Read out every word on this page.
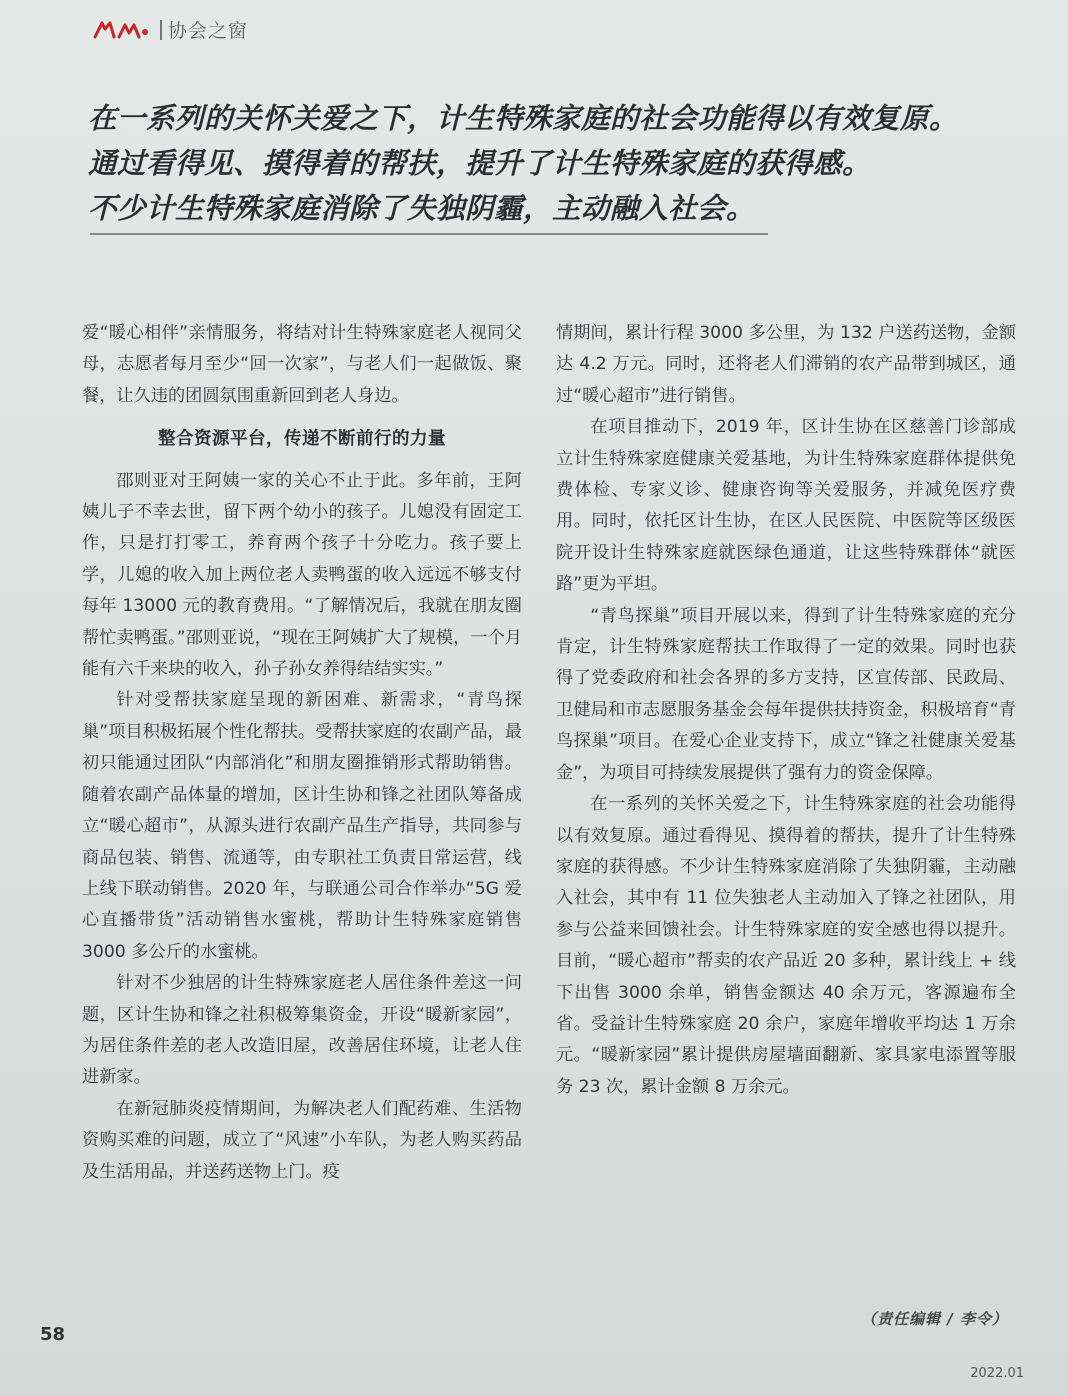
协会之窗
在一系列的关怀关爱之下，计生特殊家庭的社会功能得以有效复原。
通过看得见、摸得着的帮扶，提升了计生特殊家庭的获得感。
不少计生特殊家庭消除了失独阴霾，主动融入社会。

爱“暖心相伴”亲情服务，将结对计生特殊家庭老人视同父母，志愿者每月至少“回一次家”，与老人们一起做饭、聚餐，让久违的团圆氛围重新回到老人身边。

整合资源平台，传递不断前行的力量

邵则亚对王阿姨一家的关心不止于此。多年前，王阿姨儿子不幸去世，留下两个幼小的孩子。儿媳没有固定工作，只是打打零工，养育两个孩子十分吃力。孩子要上学，儿媳的收入加上两位老人卖鸭蛋的收入远远不够支付每年 13000 元的教育费用。“了解情况后，我就在朋友圈帮忙卖鸭蛋。”邵则亚说，“现在王阿姨扩大了规模，一个月能有六千来块的收入，孙子孙女养得结结实实。”

针对受帮扶家庭呈现的新困难、新需求，“青鸟探巢”项目积极拓展个性化帮扶。受帮扶家庭的农副产品，最初只能通过团队“内部消化”和朋友圈推销形式帮助销售。随着农副产品体量的增加，区计生协和锋之社团队筹备成立“暖心超市”，从源头进行农副产品生产指导，共同参与商品包装、销售、流通等，由专职社工负责日常运营，线上线下联动销售。2020 年，与联通公司合作举办“5G 爱心直播带货”活动销售水蜜桃，帮助计生特殊家庭销售 3000 多公斤的水蜜桃。

针对不少独居的计生特殊家庭老人居住条件差这一问题，区计生协和锋之社积极筹集资金，开设“暖新家园”，为居住条件差的老人改造旧屋，改善居住环境，让老人住进新家。

在新冠肺炎疫情期间，为解决老人们配药难、生活物资购买难的问题，成立了“风速”小车队，为老人购买药品及生活用品，并送药送物上门。疫

情期间，累计行程 3000 多公里，为 132 户送药送物，金额达 4.2 万元。同时，还将老人们滞销的农产品带到城区，通过“暖心超市”进行销售。

在项目推动下，2019 年，区计生协在区慈善门诊部成立计生特殊家庭健康关爱基地，为计生特殊家庭群体提供免费体检、专家义诊、健康咨询等关爱服务，并减免医疗费用。同时，依托区计生协，在区人民医院、中医院等区级医院开设计生特殊家庭就医绿色通道，让这些特殊群体“就医路”更为平坦。

“青鸟探巢”项目开展以来，得到了计生特殊家庭的充分肯定，计生特殊家庭帮扶工作取得了一定的效果。同时也获得了党委政府和社会各界的多方支持，区宣传部、民政局、卫健局和市志愿服务基金会每年提供扶持资金，积极培育“青鸟探巢”项目。在爱心企业支持下，成立“锋之社健康关爱基金”，为项目可持续发展提供了强有力的资金保障。

在一系列的关怀关爱之下，计生特殊家庭的社会功能得以有效复原。通过看得见、摸得着的帮扶，提升了计生特殊家庭的获得感。不少计生特殊家庭消除了失独阴霾，主动融入社会，其中有 11 位失独老人主动加入了锋之社团队，用参与公益来回馈社会。计生特殊家庭的安全感也得以提升。目前，“暖心超市”帮卖的农产品近 20 多种，累计线上 + 线下出售 3000 余单，销售金额达 40 余万元，客源遍布全省。受益计生特殊家庭 20 余户，家庭年增收平均达 1 万余元。“暖新家园”累计提供房屋墙面翻新、家具家电添置等服务 23 次，累计金额 8 万余元。

（责任编辑 / 李令）
58
2022.01
